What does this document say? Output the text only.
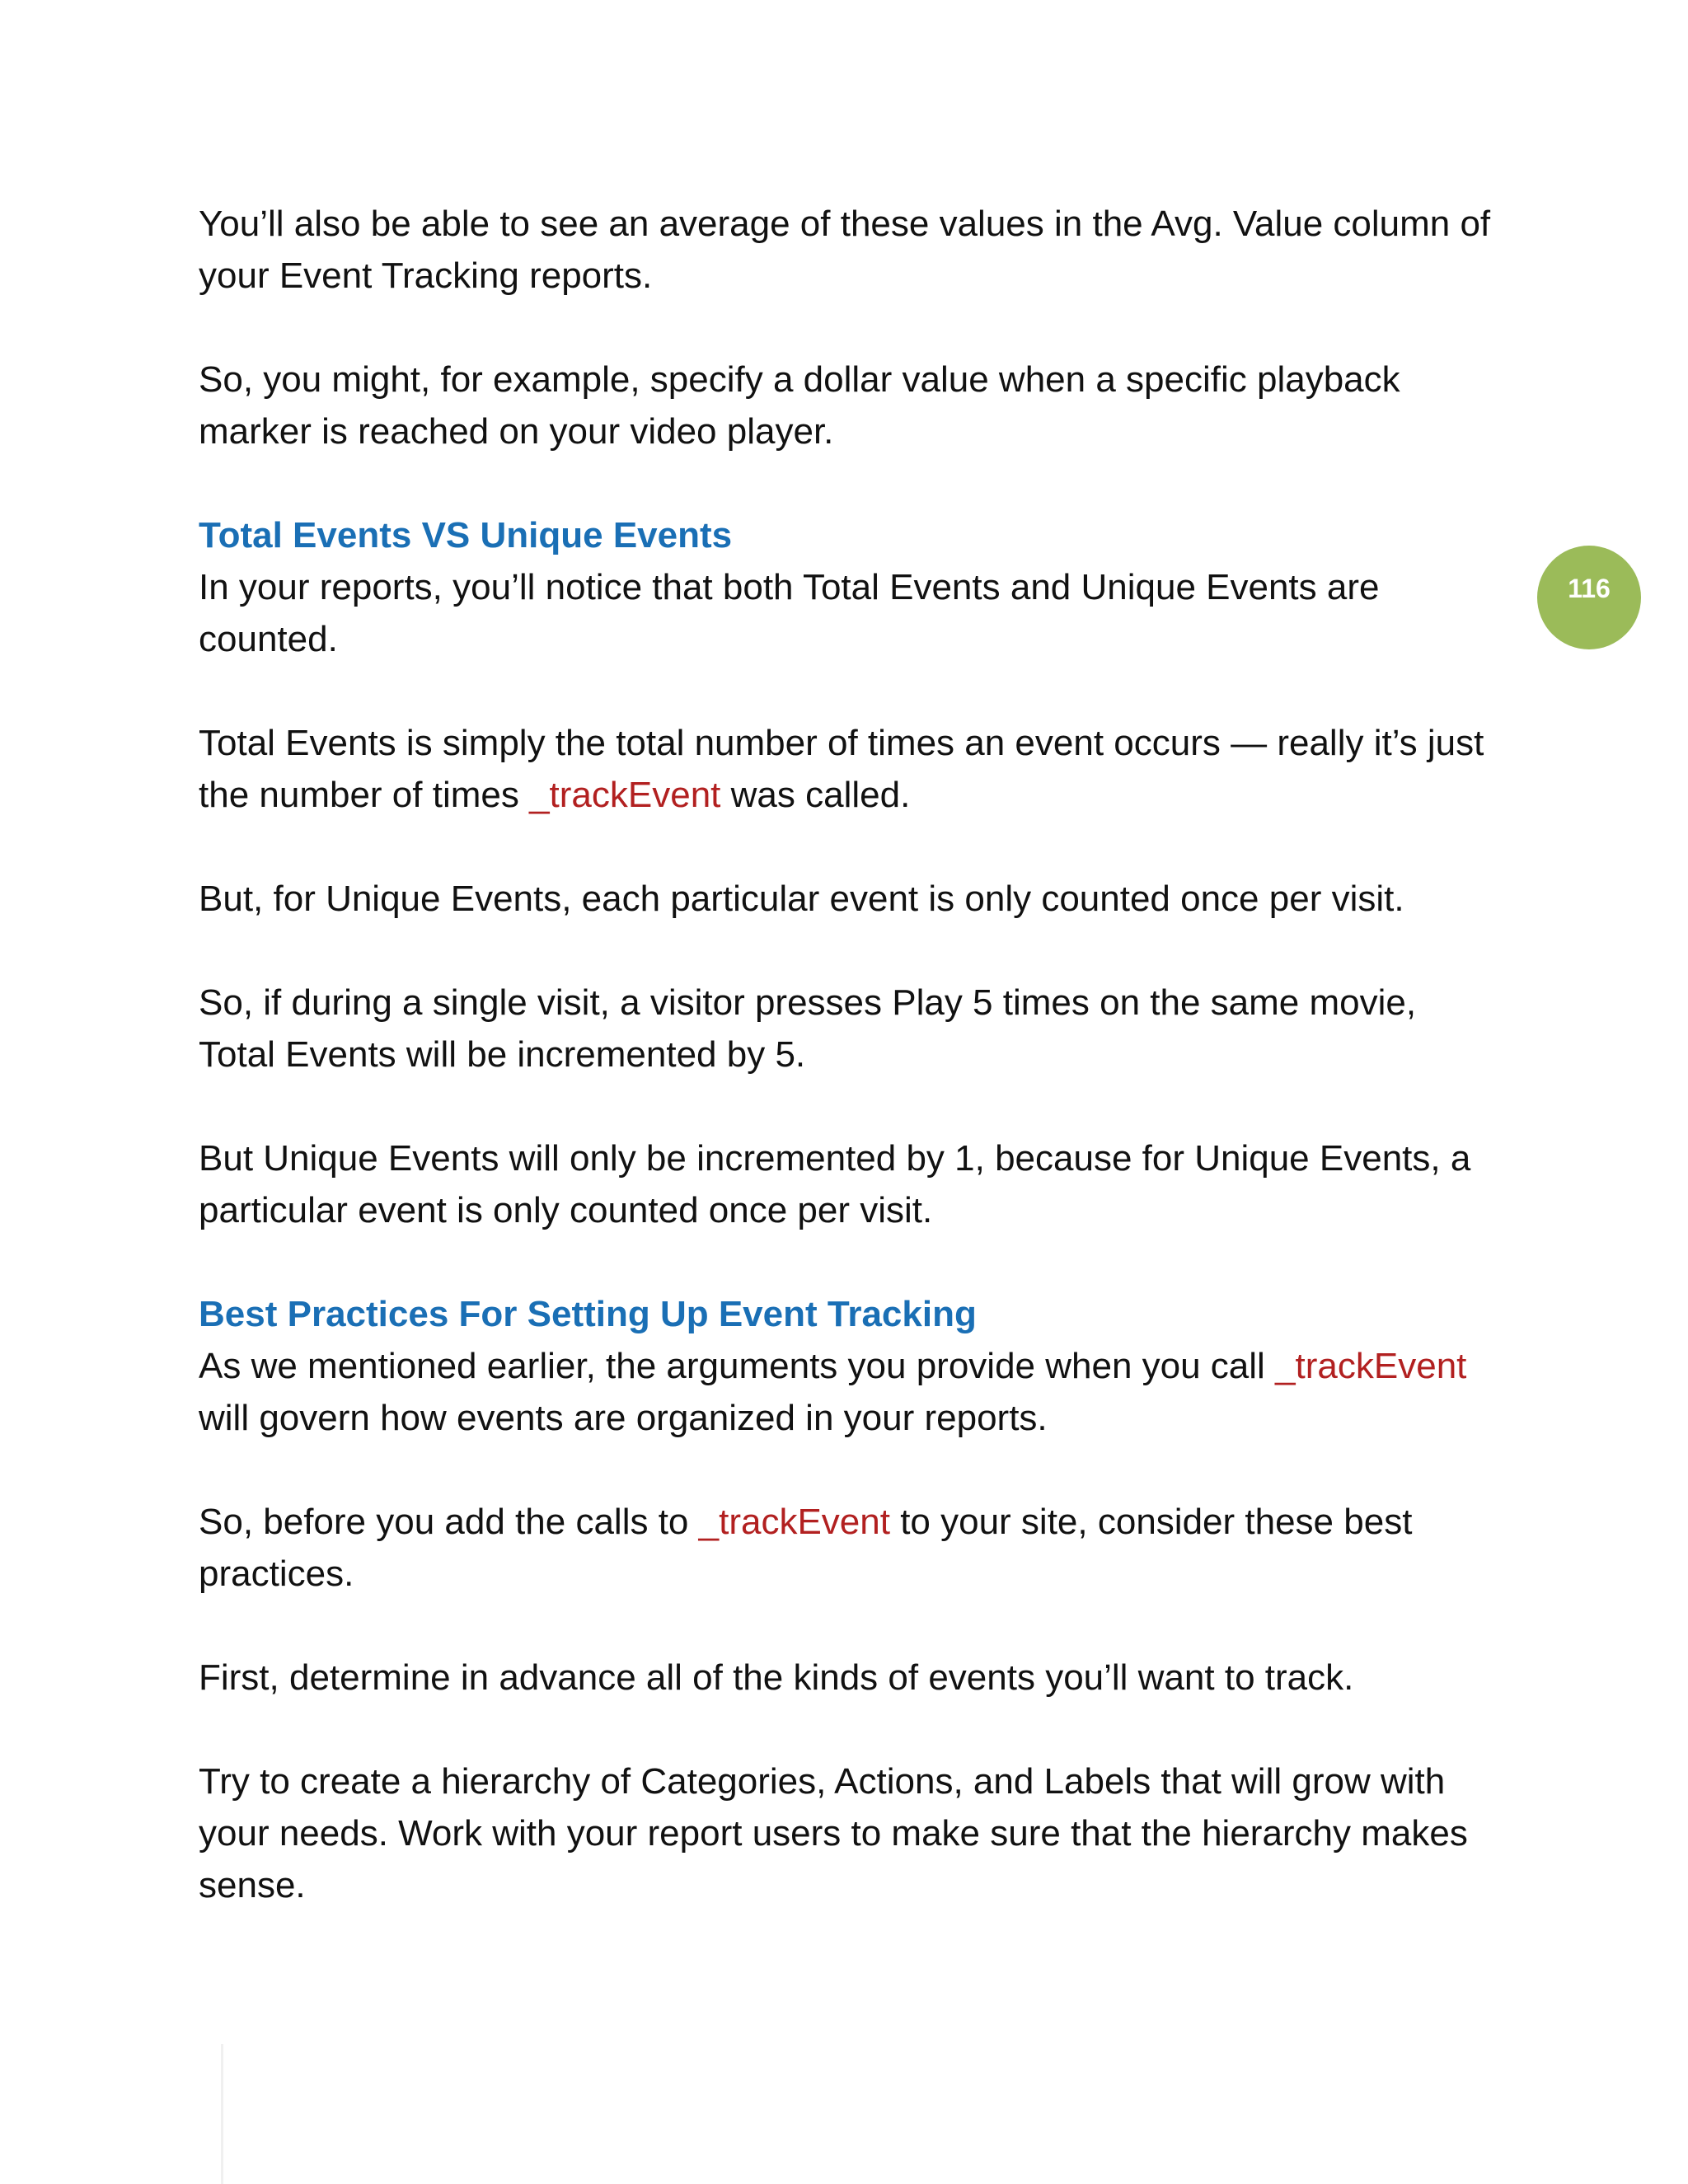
You’ll also be able to see an average of these values in the Avg. Value column of your Event Tracking reports.

So, you might, for example, specify a dollar value when a specific playback marker is reached on your video player.

Total Events VS Unique Events

In your reports, you’ll notice that both Total Events and Unique Events are counted.

Total Events is simply the total number of times an event occurs — really it’s just the number of times _trackEvent was called.

But, for Unique Events, each particular event is only counted once per visit.

So, if during a single visit, a visitor presses Play 5 times on the same movie, Total Events will be incremented by 5.

But Unique Events will only be incremented by 1, because for Unique Events, a particular event is only counted once per visit.

Best Practices For Setting Up Event Tracking

As we mentioned earlier, the arguments you provide when you call _trackEvent will govern how events are organized in your reports.

So, before you add the calls to _trackEvent to your site, consider these best practices.

First, determine in advance all of the kinds of events you’ll want to track.

Try to create a hierarchy of Categories, Actions, and Labels that will grow with your needs. Work with your report users to make sure that the hierarchy makes sense.

116
